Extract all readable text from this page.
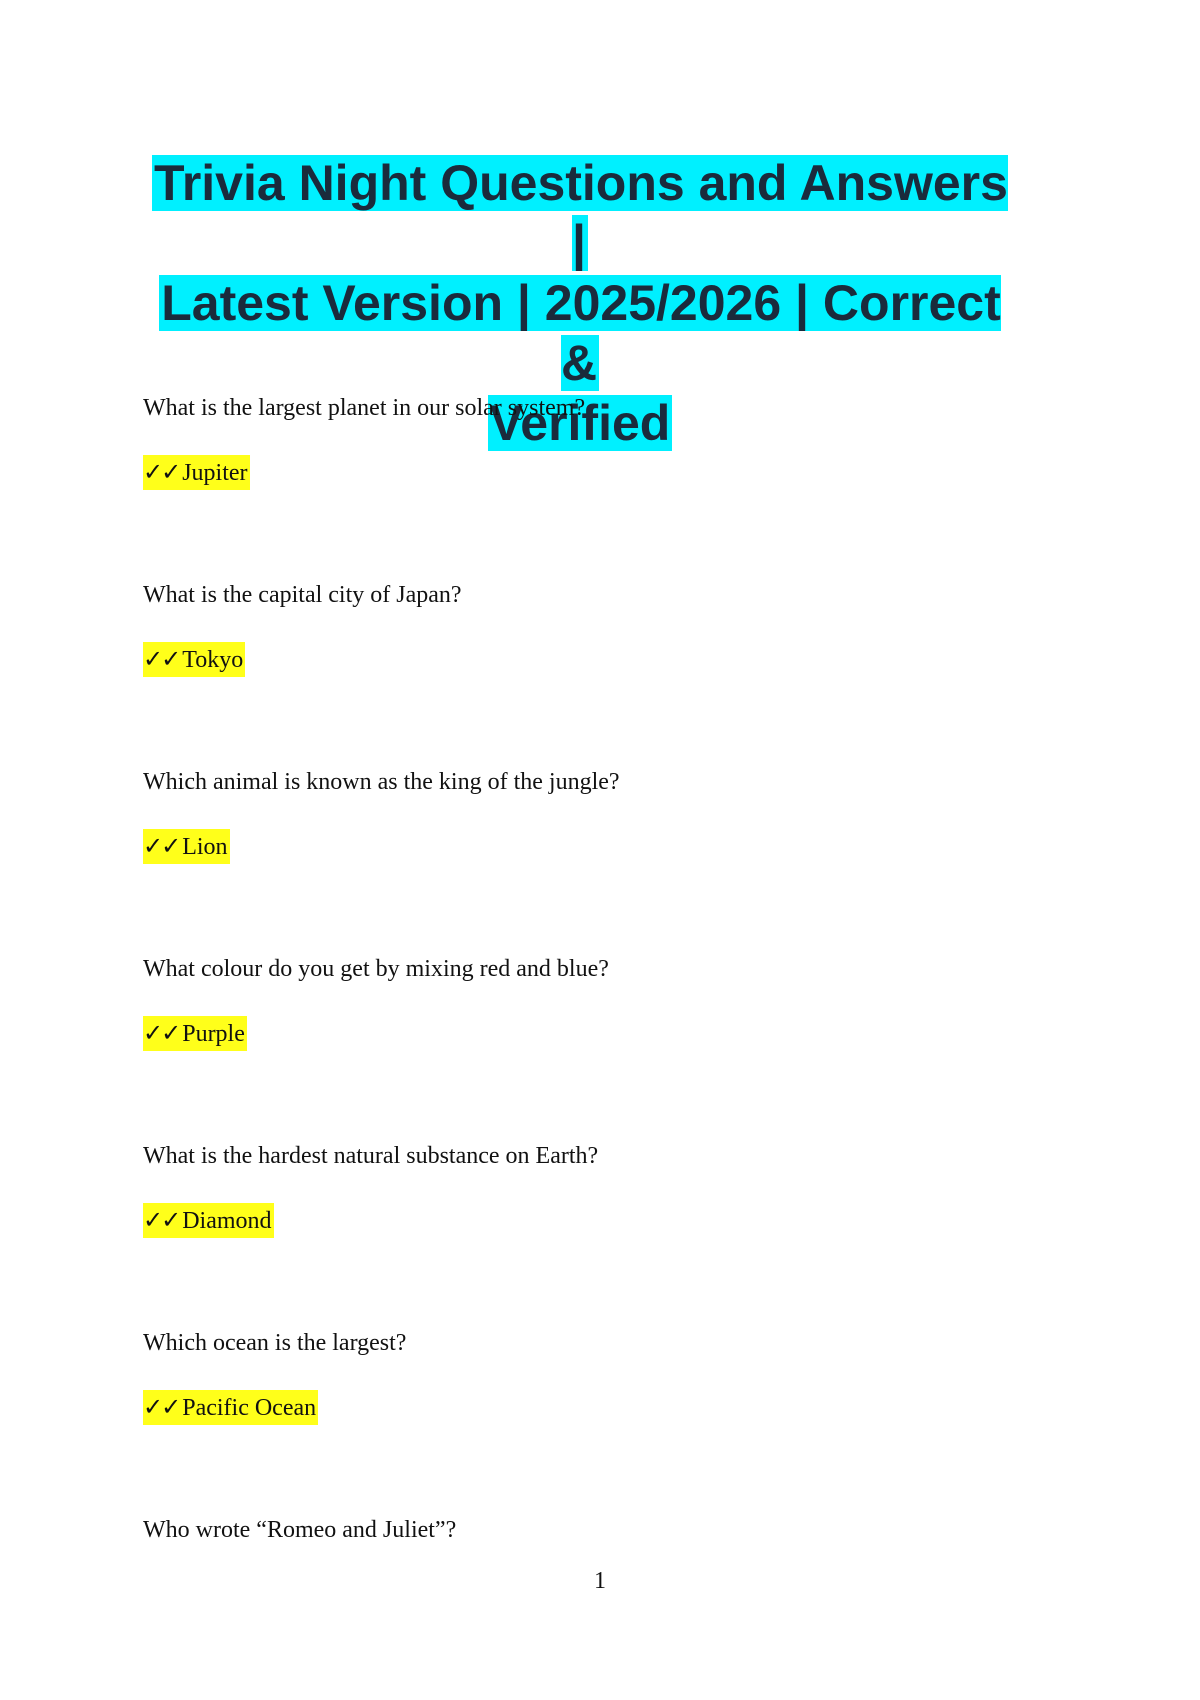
Trivia Night Questions and Answers |
Latest Version | 2025/2026 | Correct &
Verified
What is the largest planet in our solar system?
✓✓ Jupiter
What is the capital city of Japan?
✓✓ Tokyo
Which animal is known as the king of the jungle?
✓✓ Lion
What colour do you get by mixing red and blue?
✓✓ Purple
What is the hardest natural substance on Earth?
✓✓ Diamond
Which ocean is the largest?
✓✓ Pacific Ocean
Who wrote “Romeo and Juliet”?
1
